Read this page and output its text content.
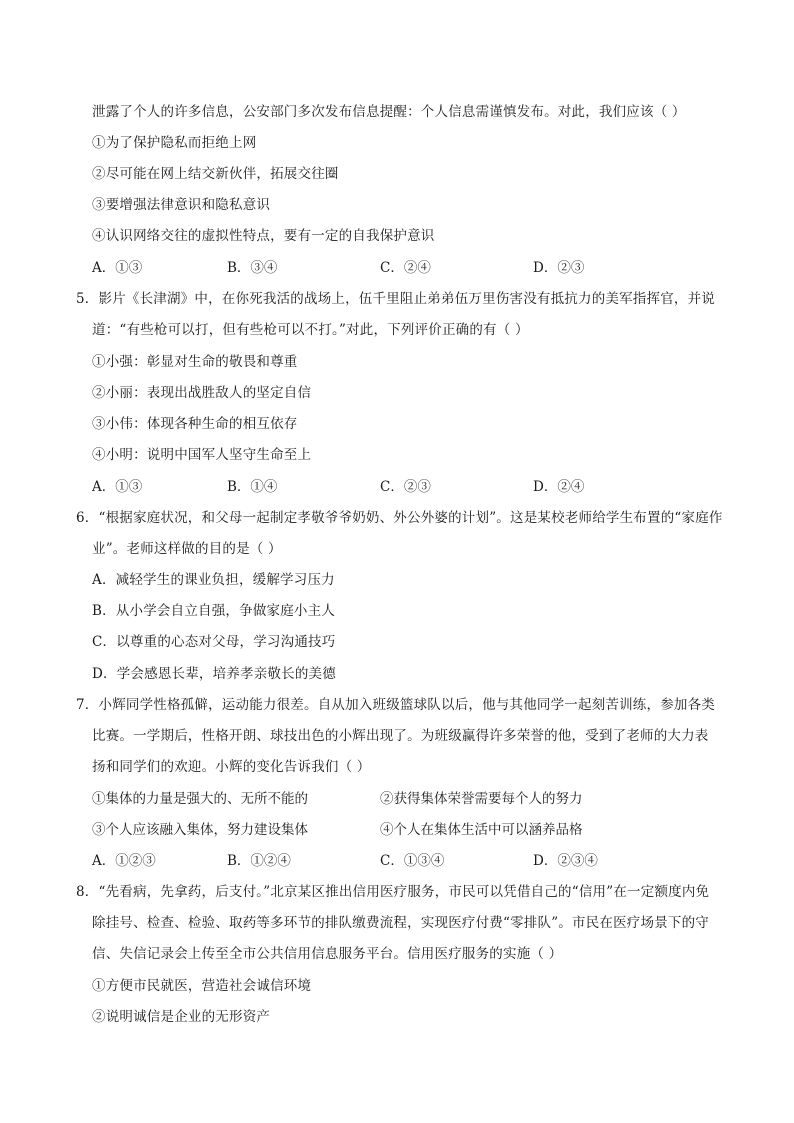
泄露了个人的许多信息，公安部门多次发布信息提醒：个人信息需谨慎发布。对此，我们应该（ ）
①为了保护隐私而拒绝上网
②尽可能在网上结交新伙伴，拓展交往圈
③要增强法律意识和隐私意识
④认识网络交往的虚拟性特点，要有一定的自我保护意识
A．①③	B．③④	C．②④	D．②③
5．影片《长津湖》中，在你死我活的战场上，伍千里阻止弟弟伍万里伤害没有抵抗力的美军指挥官，并说
道：“有些枪可以打，但有些枪可以不打。”对此，下列评价正确的有（ ）
①小强：彰显对生命的敬畏和尊重
②小丽：表现出战胜敌人的坚定自信
③小伟：体现各种生命的相互依存
④小明：说明中国军人坚守生命至上
A．①③	B．①④	C．②③	D．②④
6．“根据家庭状况，和父母一起制定孝敬爷爷奶奶、外公外婆的计划”。这是某校老师给学生布置的“家庭作
业”。老师这样做的目的是（ ）
A．减轻学生的课业负担，缓解学习压力
B．从小学会自立自强，争做家庭小主人
C．以尊重的心态对父母，学习沟通技巧
D．学会感恩长辈，培养孝亲敬长的美德
7．小辉同学性格孤僻，运动能力很差。自从加入班级篮球队以后，他与其他同学一起刻苦训练，参加各类
比赛。一学期后，性格开朗、球技出色的小辉出现了。为班级赢得许多荣誉的他，受到了老师的大力表
扬和同学们的欢迎。小辉的变化告诉我们（ ）
①集体的力量是强大的、无所不能的	②获得集体荣誉需要每个人的努力
③个人应该融入集体，努力建设集体	④个人在集体生活中可以涵养品格
A．①②③	B．①②④	C．①③④	D．②③④
8．“先看病，先拿药，后支付。”北京某区推出信用医疗服务，市民可以凭借自己的“信用”在一定额度内免
除挂号、检查、检验、取药等多环节的排队缴费流程，实现医疗付费“零排队”。市民在医疗场景下的守
信、失信记录会上传至全市公共信用信息服务平台。信用医疗服务的实施（ ）
①方便市民就医，营造社会诚信环境
②说明诚信是企业的无形资产
